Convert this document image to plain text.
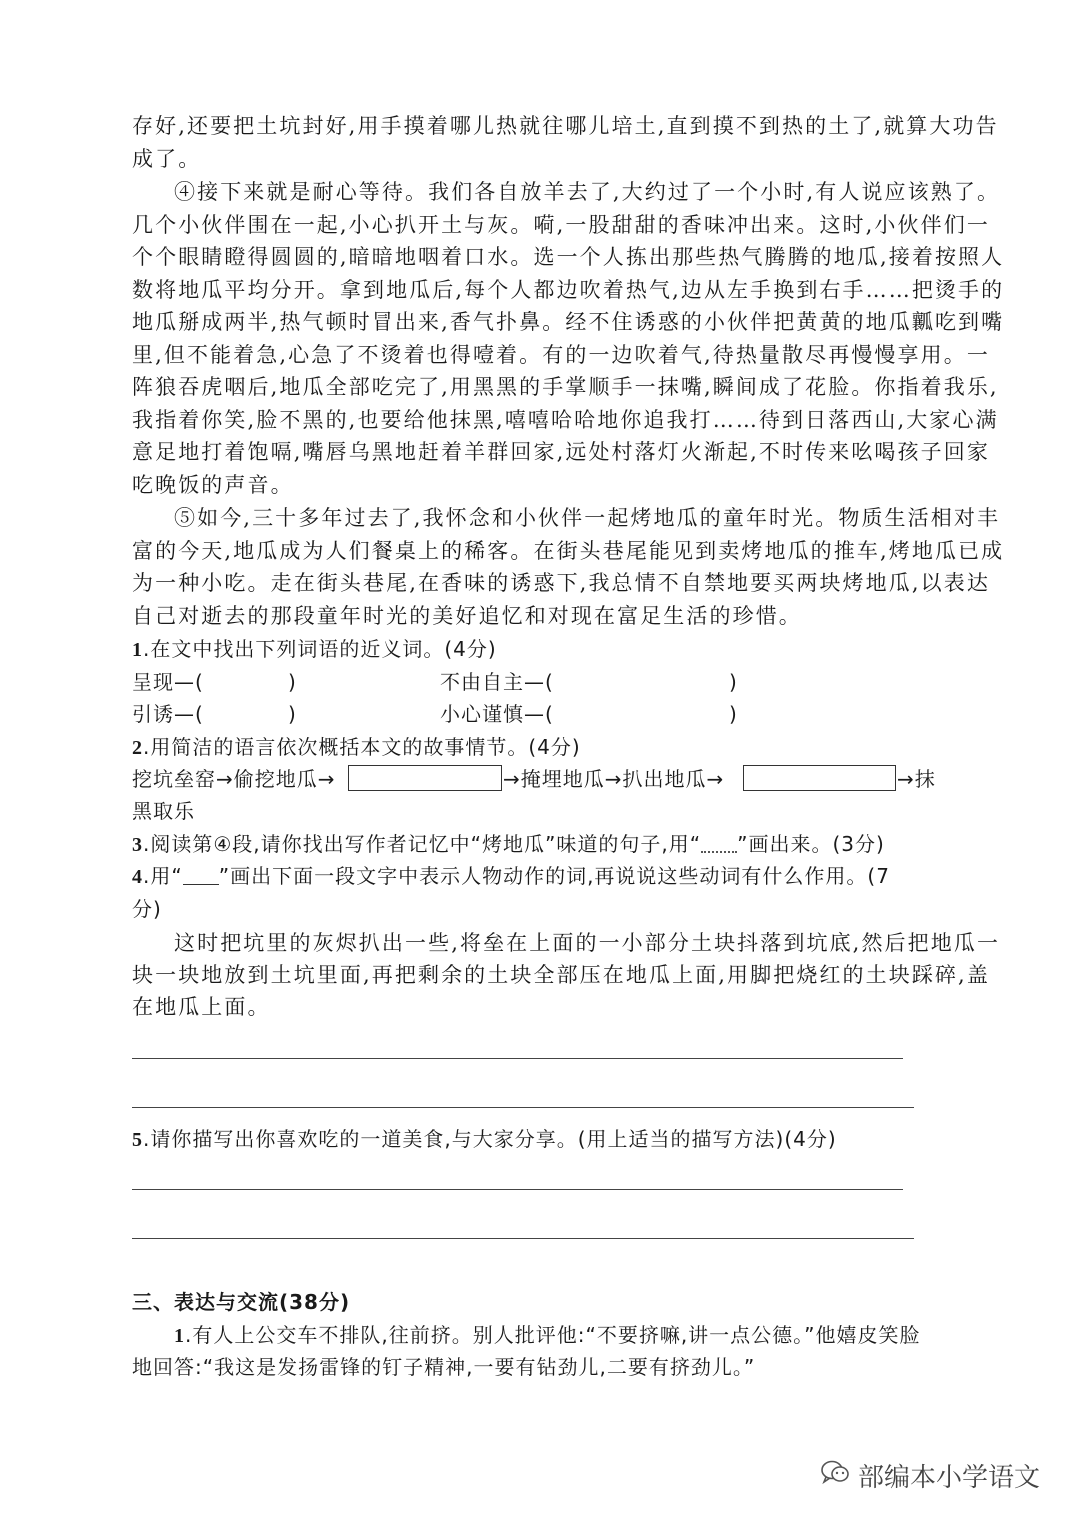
存好,还要把土坑封好,用手摸着哪儿热就往哪儿培土,直到摸不到热的土了,就算大功告
成了。
④接下来就是耐心等待。我们各自放羊去了,大约过了一个小时,有人说应该熟了。
几个小伙伴围在一起,小心扒开土与灰。嗬,一股甜甜的香味冲出来。这时,小伙伴们一
个个眼睛瞪得圆圆的,暗暗地咽着口水。选一个人拣出那些热气腾腾的地瓜,接着按照人
数将地瓜平均分开。拿到地瓜后,每个人都边吹着热气,边从左手换到右手……把烫手的
地瓜掰成两半,热气顿时冒出来,香气扑鼻。经不住诱惑的小伙伴把黄黄的地瓜瓤吃到嘴
里,但不能着急,心急了不烫着也得噎着。有的一边吹着气,待热量散尽再慢慢享用。一
阵狼吞虎咽后,地瓜全部吃完了,用黑黑的手掌顺手一抹嘴,瞬间成了花脸。你指着我乐,
我指着你笑,脸不黑的,也要给他抹黑,嘻嘻哈哈地你追我打……待到日落西山,大家心满
意足地打着饱嗝,嘴唇乌黑地赶着羊群回家,远处村落灯火渐起,不时传来吆喝孩子回家
吃晚饭的声音。
⑤如今,三十多年过去了,我怀念和小伙伴一起烤地瓜的童年时光。物质生活相对丰
富的今天,地瓜成为人们餐桌上的稀客。在街头巷尾能见到卖烤地瓜的推车,烤地瓜已成
为一种小吃。走在街头巷尾,在香味的诱惑下,我总情不自禁地要买两块烤地瓜,以表达
自己对逝去的那段童年时光的美好追忆和对现在富足生活的珍惜。
1.在文中找出下列词语的近义词。(4分)
呈现—(	)	不由自主—(	)
引诱—(	)	小心谨慎—(	)
2.用简洁的语言依次概括本文的故事情节。(4分)
挖坑垒窑→偷挖地瓜→	→掩埋地瓜→扒出地瓜→	→抹
黑取乐
3.阅读第④段,请你找出写作者记忆中“烤地瓜”味道的句子,用“ ”画出来。(3分)
4.用“ ”画出下面一段文字中表示人物动作的词,再说说这些动词有什么作用。(7
分)
这时把坑里的灰烬扒出一些,将垒在上面的一小部分土块抖落到坑底,然后把地瓜一
块一块地放到土坑里面,再把剩余的土块全部压在地瓜上面,用脚把烧红的土块踩碎,盖
在地瓜上面。
5.请你描写出你喜欢吃的一道美食,与大家分享。(用上适当的描写方法)(4分)
三、表达与交流(38分)
1.有人上公交车不排队,往前挤。别人批评他:“不要挤嘛,讲一点公德。”他嬉皮笑脸
地回答:“我这是发扬雷锋的钉子精神,一要有钻劲儿,二要有挤劲儿。”
部编本小学语文
